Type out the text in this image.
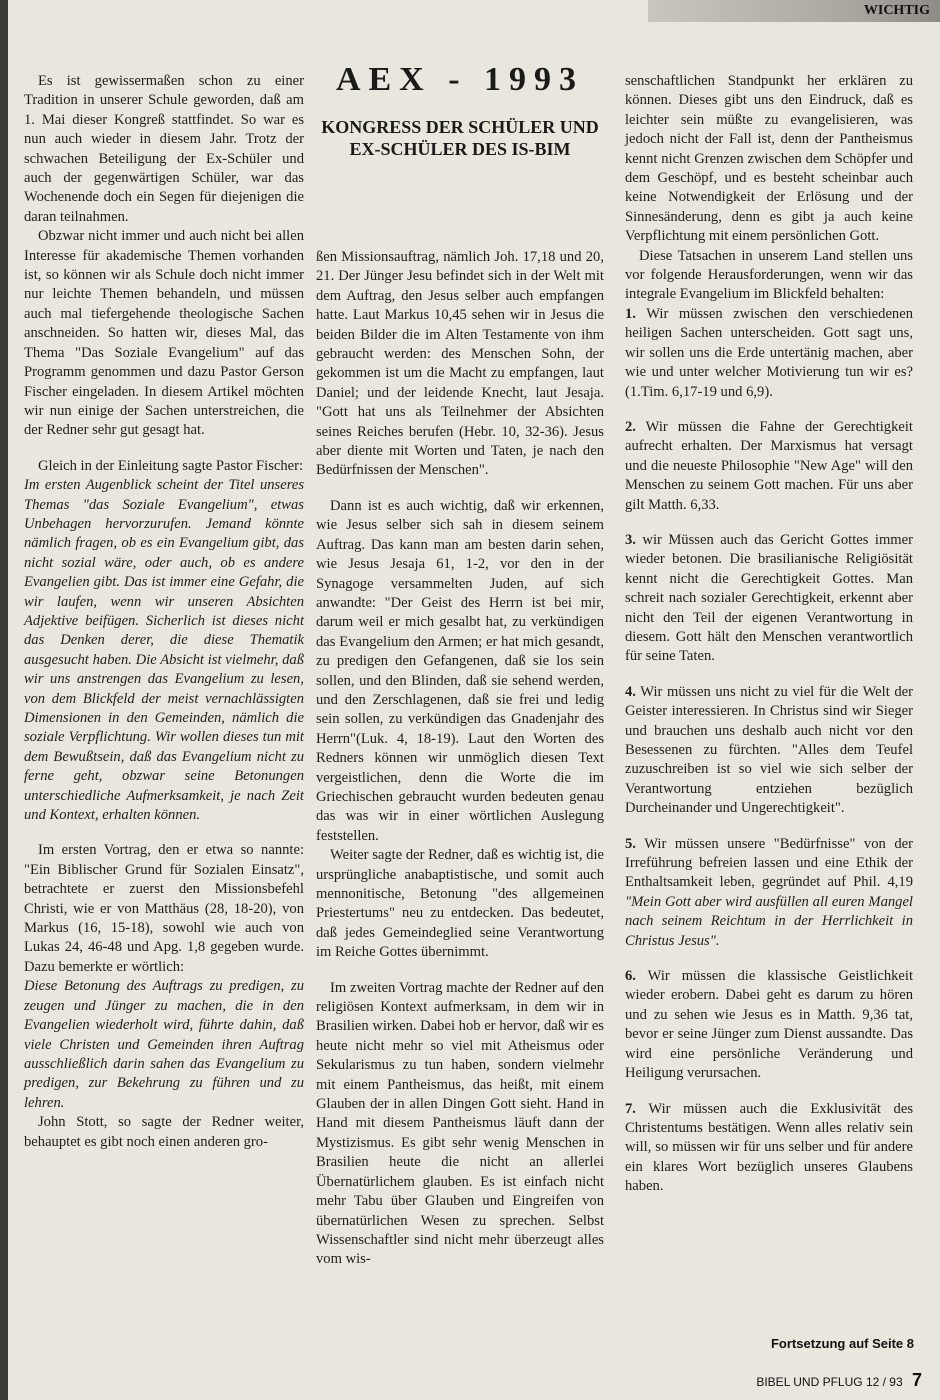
WICHTIG
AEX - 1993
KONGRESS DER SCHÜLER UND EX-SCHÜLER DES IS-BIM

Es ist gewissermaßen schon zu einer Tradition in unserer Schule geworden, daß am 1. Mai dieser Kongreß stattfindet. So war es nun auch wieder in diesem Jahr. Trotz der schwachen Beteiligung der Ex-Schüler und auch der gegenwärtigen Schüler, war das Wochenende doch ein Segen für diejenigen die daran teilnahmen.

Obzwar nicht immer und auch nicht bei allen Interesse für akademische Themen vorhanden ist, so können wir als Schule doch nicht immer nur leichte Themen behandeln, und müssen auch mal tiefergehende theologische Sachen anschneiden. So hatten wir, dieses Mal, das Thema "Das Soziale Evangelium" auf das Programm genommen und dazu Pastor Gerson Fischer eingeladen. In diesem Artikel möchten wir nun einige der Sachen unterstreichen, die der Redner sehr gut gesagt hat.

Gleich in der Einleitung sagte Pastor Fischer:

Im ersten Augenblick scheint der Titel unseres Themas "das Soziale Evangelium", etwas Unbehagen hervorzurufen. Jemand könnte nämlich fragen, ob es ein Evangelium gibt, das nicht sozial wäre, oder auch, ob es andere Evangelien gibt. Das ist immer eine Gefahr, die wir laufen, wenn wir unseren Absichten Adjektive beifügen. Sicherlich ist dieses nicht das Denken derer, die diese Thematik ausgesucht haben. Die Absicht ist vielmehr, daß wir uns anstrengen das Evangelium zu lesen, von dem Blickfeld der meist vernachlässigten Dimensionen in den Gemeinden, nämlich die soziale Verpflichtung. Wir wollen dieses tun mit dem Bewußtsein, daß das Evangelium nicht zu ferne geht, obzwar seine Betonungen unterschiedliche Aufmerksamkeit, je nach Zeit und Kontext, erhalten können.

Im ersten Vortrag, den er etwa so nannte: "Ein Biblischer Grund für Sozialen Einsatz", betrachtete er zuerst den Missionsbefehl Christi, wie er von Matthäus (28, 18-20), von Markus (16, 15-18), sowohl wie auch von Lukas 24, 46-48 und Apg. 1,8 gegeben wurde. Dazu bemerkte er wörtlich:

Diese Betonung des Auftrags zu predigen, zu zeugen und Jünger zu machen, die in den Evangelien wiederholt wird, führte dahin, daß viele Christen und Gemeinden ihren Auftrag ausschließlich darin sahen das Evangelium zu predigen, zur Bekehrung zu führen und zu lehren.

John Stott, so sagte der Redner weiter, behauptet es gibt noch einen anderen gro-

ßen Missionsauftrag, nämlich Joh. 17,18 und 20, 21. Der Jünger Jesu befindet sich in der Welt mit dem Auftrag, den Jesus selber auch empfangen hatte. Laut Markus 10,45 sehen wir in Jesus die beiden Bilder die im Alten Testamente von ihm gebraucht werden: des Menschen Sohn, der gekommen ist um die Macht zu empfangen, laut Daniel; und der leidende Knecht, laut Jesaja. "Gott hat uns als Teilnehmer der Absichten seines Reiches berufen (Hebr. 10, 32-36). Jesus aber diente mit Worten und Taten, je nach den Bedürfnissen der Menschen".

Dann ist es auch wichtig, daß wir erkennen, wie Jesus selber sich sah in diesem seinem Auftrag. Das kann man am besten darin sehen, wie Jesus Jesaja 61, 1-2, vor den in der Synagoge versammelten Juden, auf sich anwandte: "Der Geist des Herrn ist bei mir, darum weil er mich gesalbt hat, zu verkündigen das Evangelium den Armen; er hat mich gesandt, zu predigen den Gefangenen, daß sie los sein sollen, und den Blinden, daß sie sehend werden, und den Zerschlagenen, daß sie frei und ledig sein sollen, zu verkündigen das Gnadenjahr des Herrn"(Luk. 4, 18-19). Laut den Worten des Redners können wir unmöglich diesen Text vergeistlichen, denn die Worte die im Griechischen gebraucht wurden bedeuten genau das was wir in einer wörtlichen Auslegung feststellen.

Weiter sagte der Redner, daß es wichtig ist, die ursprüngliche anabaptistische, und somit auch mennonitische, Betonung "des allgemeinen Priestertums" neu zu entdecken. Das bedeutet, daß jedes Gemeindeglied seine Verantwortung im Reiche Gottes übernimmt.

Im zweiten Vortrag machte der Redner auf den religiösen Kontext aufmerksam, in dem wir in Brasilien wirken. Dabei hob er hervor, daß wir es heute nicht mehr so viel mit Atheismus oder Sekularismus zu tun haben, sondern vielmehr mit einem Pantheismus, das heißt, mit einem Glauben der in allen Dingen Gott sieht. Hand in Hand mit diesem Pantheismus läuft dann der Mystizismus. Es gibt sehr wenig Menschen in Brasilien heute die nicht an allerlei Übernatürlichem glauben. Es ist einfach nicht mehr Tabu über Glauben und Eingreifen von übernatürlichen Wesen zu sprechen. Selbst Wissenschaftler sind nicht mehr überzeugt alles vom wis-

senschaftlichen Standpunkt her erklären zu können. Dieses gibt uns den Eindruck, daß es leichter sein müßte zu evangelisieren, was jedoch nicht der Fall ist, denn der Pantheismus kennt nicht Grenzen zwischen dem Schöpfer und dem Geschöpf, und es besteht scheinbar auch keine Notwendigkeit der Erlösung und der Sinnesänderung, denn es gibt ja auch keine Verpflichtung mit einem persönlichen Gott.

Diese Tatsachen in unserem Land stellen uns vor folgende Herausforderungen, wenn wir das integrale Evangelium im Blickfeld behalten:

1. Wir müssen zwischen den verschiedenen heiligen Sachen unterscheiden. Gott sagt uns, wir sollen uns die Erde untertänig machen, aber wie und unter welcher Motivierung tun wir es? (1.Tim. 6,17-19 und 6,9).

2. Wir müssen die Fahne der Gerechtigkeit aufrecht erhalten. Der Marxismus hat versagt und die neueste Philosophie "New Age" will den Menschen zu seinem Gott machen. Für uns aber gilt Matth. 6,33.

3. wir Müssen auch das Gericht Gottes immer wieder betonen. Die brasilianische Religiösität kennt nicht die Gerechtigkeit Gottes. Man schreit nach sozialer Gerechtigkeit, erkennt aber nicht den Teil der eigenen Verantwortung in diesem. Gott hält den Menschen verantwortlich für seine Taten.

4. Wir müssen uns nicht zu viel für die Welt der Geister interessieren. In Christus sind wir Sieger und brauchen uns deshalb auch nicht vor den Besessenen zu fürchten. "Alles dem Teufel zuzuschreiben ist so viel wie sich selber der Verantwortung entziehen bezüglich Durcheinander und Ungerechtigkeit".

5. Wir müssen unsere "Bedürfnisse" von der Irreführung befreien lassen und eine Ethik der Enthaltsamkeit leben, gegründet auf Phil. 4,19 "Mein Gott aber wird ausfüllen all euren Mangel nach seinem Reichtum in der Herrlichkeit in Christus Jesus".

6. Wir müssen die klassische Geistlichkeit wieder erobern. Dabei geht es darum zu hören und zu sehen wie Jesus es in Matth. 9,36 tat, bevor er seine Jünger zum Dienst aussandte. Das wird eine persönliche Veränderung und Heiligung verursachen.

7. Wir müssen auch die Exklusivität des Christentums bestätigen. Wenn alles relativ sein will, so müssen wir für uns selber und für andere ein klares Wort bezüglich unseres Glaubens haben.

Fortsetzung auf Seite 8
BIBEL UND PFLUG 12 / 93 7
